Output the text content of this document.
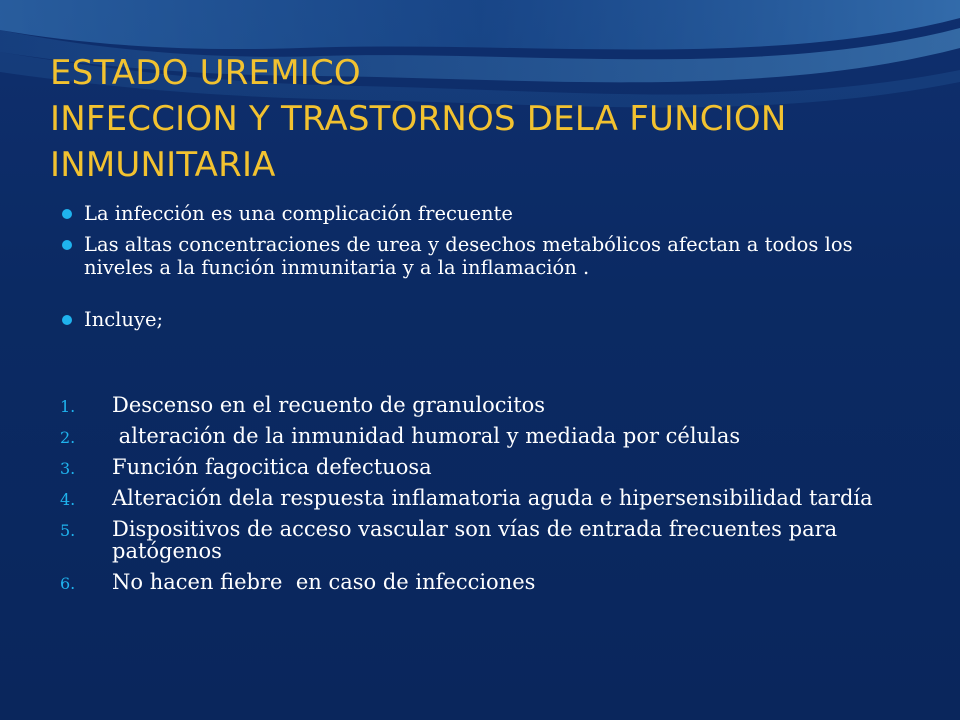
ESTADO UREMICO
INFECCION Y TRASTORNOS DELA FUNCION
INMUNITARIA
La infección es una complicación frecuente
Las altas concentraciones de urea y desechos metabólicos afectan a todos los niveles a la función inmunitaria y a la inflamación .
Incluye;
1. Descenso en el recuento de granulocitos
2. alteración de la inmunidad humoral y mediada por células
3. Función fagocitica defectuosa
4. Alteración dela respuesta inflamatoria aguda e hipersensibilidad tardía
5. Dispositivos de acceso vascular son vías de entrada frecuentes para patógenos
6. No hacen fiebre  en caso de infecciones
